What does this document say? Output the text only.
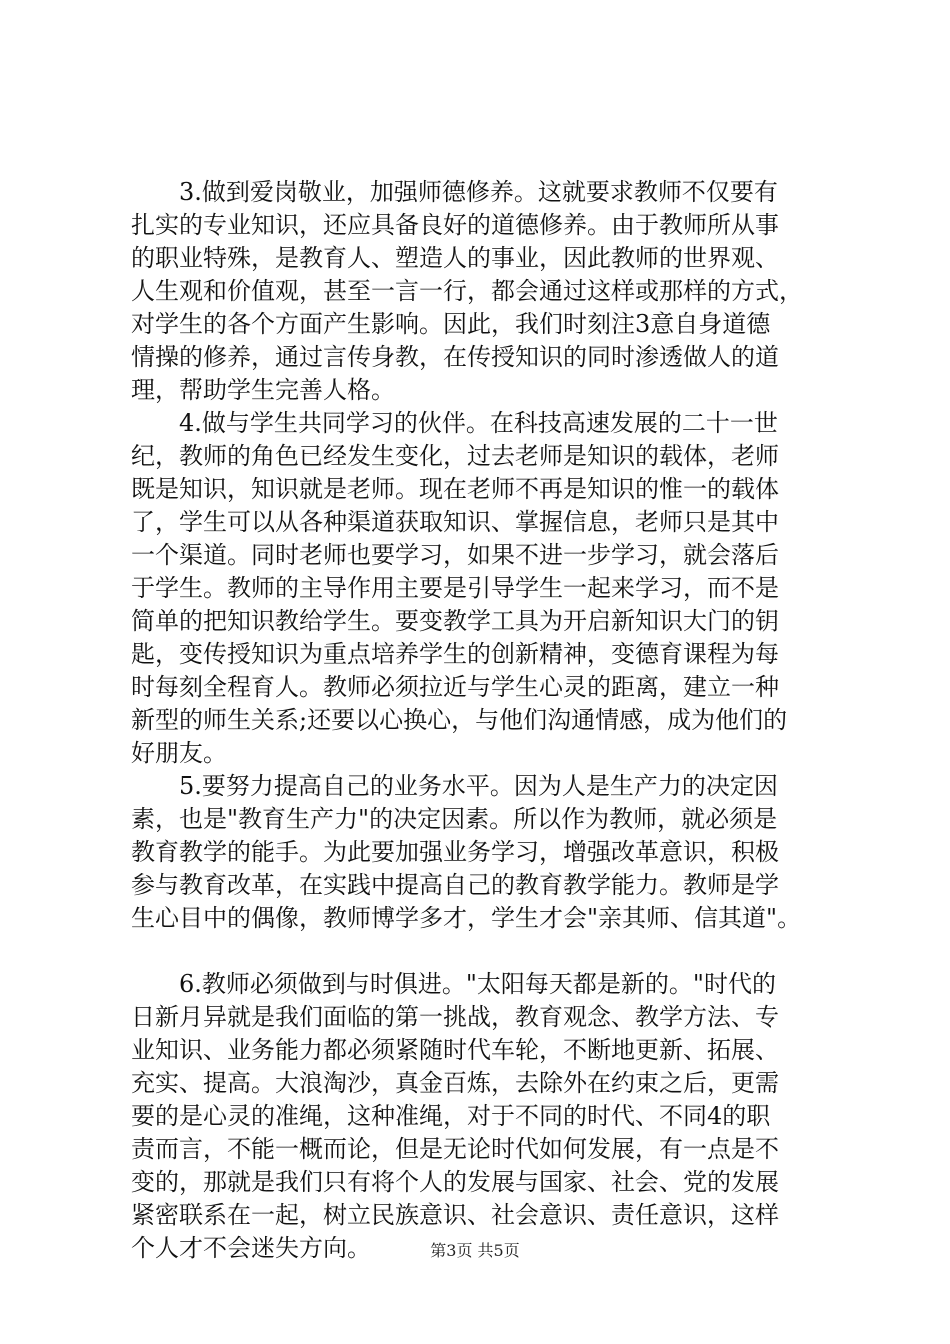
3.做到爱岗敬业，加强师德修养。这就要求教师不仅要有
扎实的专业知识，还应具备良好的道德修养。由于教师所从事
的职业特殊，是教育人、塑造人的事业，因此教师的世界观、
人生观和价值观，甚至一言一行，都会通过这样或那样的方式，
对学生的各个方面产生影响。因此，我们时刻注3意自身道德
情操的修养，通过言传身教，在传授知识的同时渗透做人的道
理，帮助学生完善人格。
4.做与学生共同学习的伙伴。在科技高速发展的二十一世
纪，教师的角色已经发生变化，过去老师是知识的载体，老师
既是知识，知识就是老师。现在老师不再是知识的惟一的载体
了，学生可以从各种渠道获取知识、掌握信息，老师只是其中
一个渠道。同时老师也要学习，如果不进一步学习，就会落后
于学生。教师的主导作用主要是引导学生一起来学习，而不是
简单的把知识教给学生。要变教学工具为开启新知识大门的钥
匙，变传授知识为重点培养学生的创新精神，变德育课程为每
时每刻全程育人。教师必须拉近与学生心灵的距离，建立一种
新型的师生关系;还要以心换心，与他们沟通情感，成为他们的
好朋友。
5.要努力提高自己的业务水平。因为人是生产力的决定因
素，也是"教育生产力"的决定因素。所以作为教师，就必须是
教育教学的能手。为此要加强业务学习，增强改革意识，积极
参与教育改革，在实践中提高自己的教育教学能力。教师是学
生心目中的偶像，教师博学多才，学生才会"亲其师、信其道"。
6.教师必须做到与时俱进。"太阳每天都是新的。"时代的
日新月异就是我们面临的第一挑战，教育观念、教学方法、专
业知识、业务能力都必须紧随时代车轮，不断地更新、拓展、
充实、提高。大浪淘沙，真金百炼，去除外在约束之后，更需
要的是心灵的准绳，这种准绳，对于不同的时代、不同4的职
责而言，不能一概而论，但是无论时代如何发展，有一点是不
变的，那就是我们只有将个人的发展与国家、社会、党的发展
紧密联系在一起，树立民族意识、社会意识、责任意识，这样
个人才不会迷失方向。	第3页 共5页
